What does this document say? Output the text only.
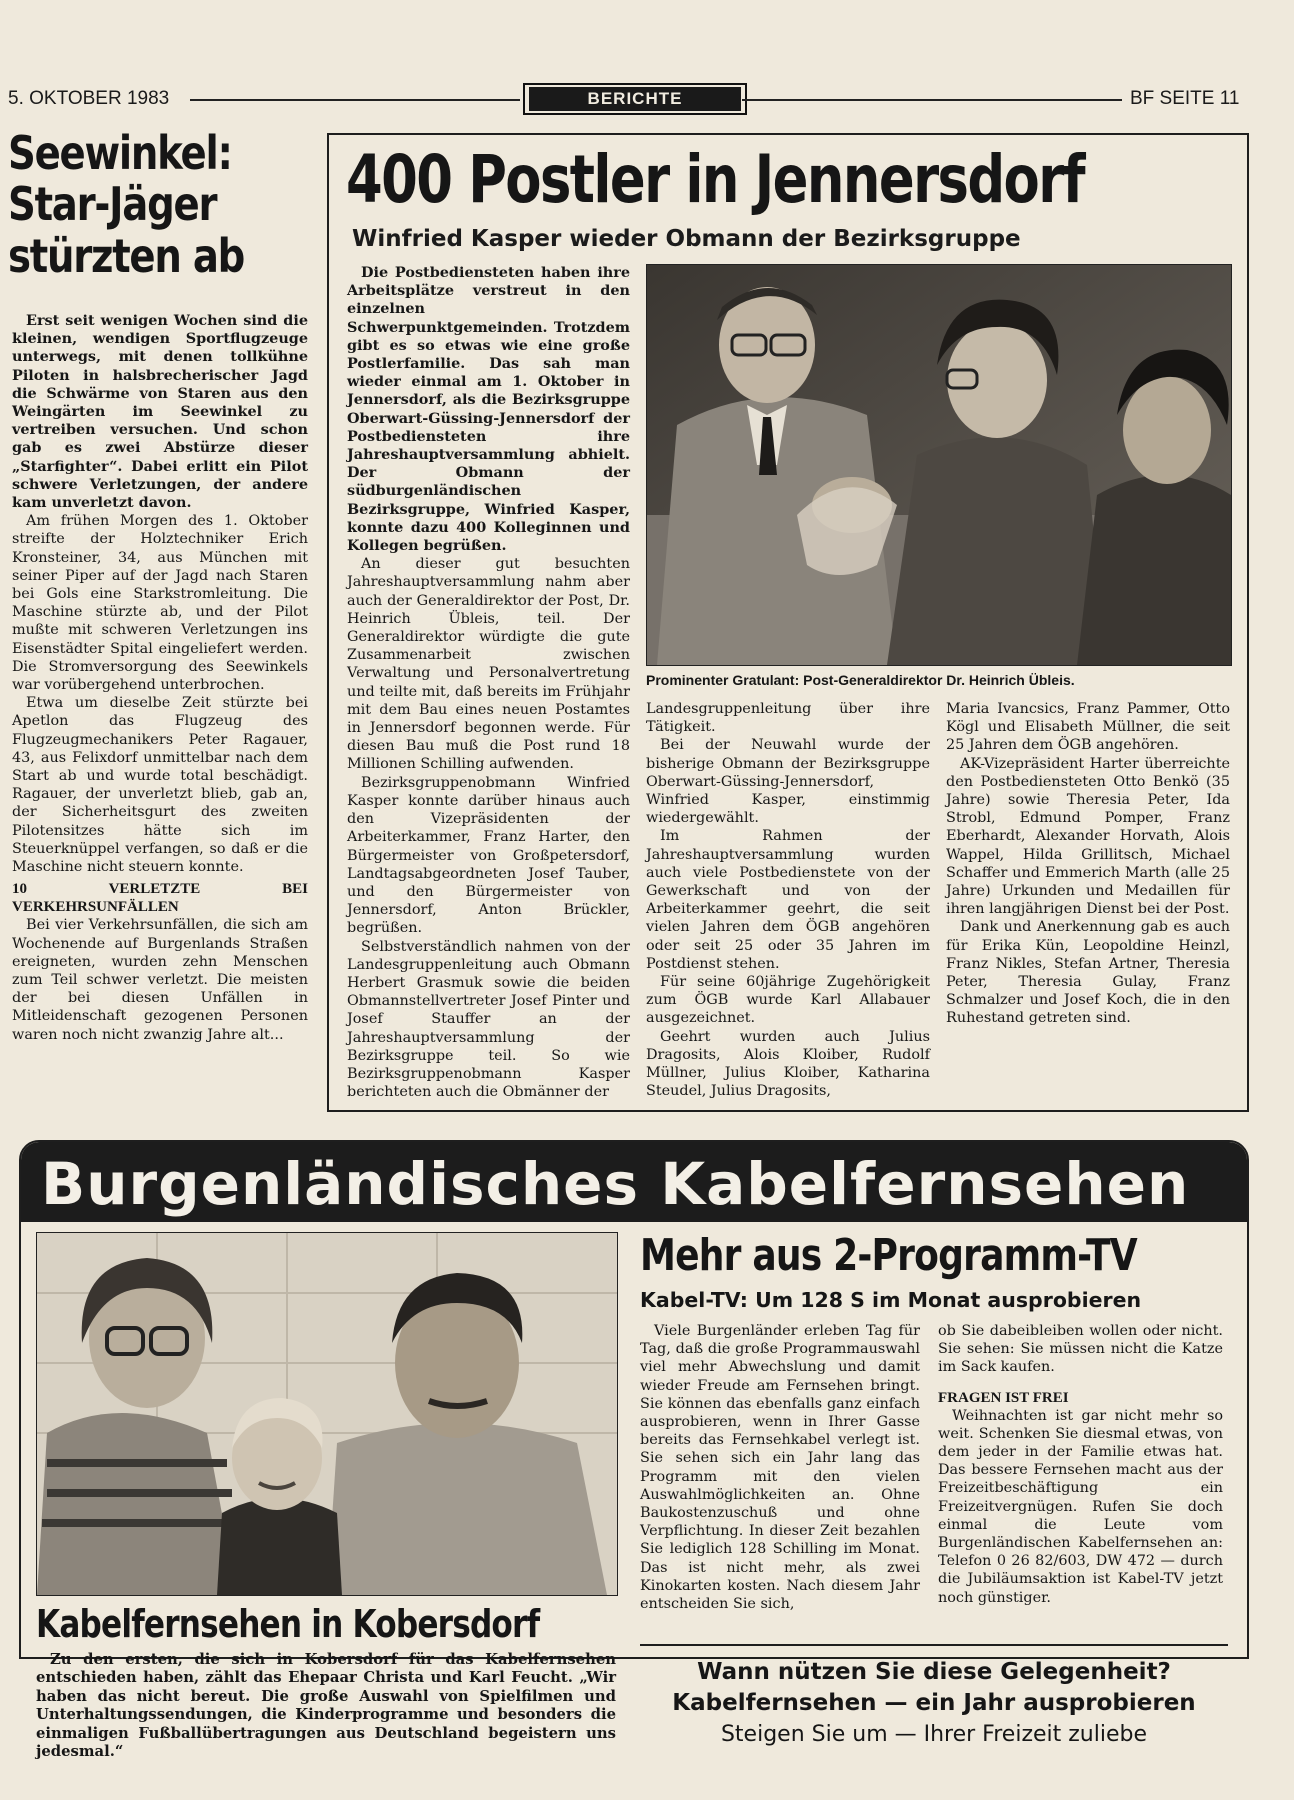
5. OKTOBER 1983	BERICHTE	BF SEITE 11
Seewinkel:
Star-Jäger
stürzten ab

Erst seit wenigen Wochen sind die kleinen, wendigen Sportflugzeuge unterwegs, mit denen tollkühne Piloten in halsbrecherischer Jagd die Schwärme von Staren aus den Weingärten im Seewinkel zu vertreiben versuchen. Und schon gab es zwei Abstürze dieser „Starfighter“. Dabei erlitt ein Pilot schwere Verletzungen, der andere kam unverletzt davon.

Am frühen Morgen des 1. Oktober streifte der Holztechniker Erich Kronsteiner, 34, aus München mit seiner Piper auf der Jagd nach Staren bei Gols eine Starkstromleitung. Die Maschine stürzte ab, und der Pilot mußte mit schweren Verletzungen ins Eisenstädter Spital eingeliefert werden. Die Stromversorgung des Seewinkels war vorübergehend unterbrochen.

Etwa um dieselbe Zeit stürzte bei Apetlon das Flugzeug des Flugzeugmechanikers Peter Ragauer, 43, aus Felixdorf unmittelbar nach dem Start ab und wurde total beschädigt. Ragauer, der unverletzt blieb, gab an, der Sicherheitsgurt des zweiten Pilotensitzes hätte sich im Steuerknüppel verfangen, so daß er die Maschine nicht steuern konnte.

10 VERLETZTE BEI VERKEHRSUNFÄLLEN

Bei vier Verkehrsunfällen, die sich am Wochenende auf Burgenlands Straßen ereigneten, wurden zehn Menschen zum Teil schwer verletzt. Die meisten der bei diesen Unfällen in Mitleidenschaft gezogenen Personen waren noch nicht zwanzig Jahre alt...

400 Postler in Jennersdorf
Winfried Kasper wieder Obmann der Bezirksgruppe

Die Postbediensteten haben ihre Arbeitsplätze verstreut in den einzelnen Schwerpunktgemeinden. Trotzdem gibt es so etwas wie eine große Postlerfamilie. Das sah man wieder einmal am 1. Oktober in Jennersdorf, als die Bezirksgruppe Oberwart-Güssing-Jennersdorf der Postbediensteten ihre Jahreshauptversammlung abhielt. Der Obmann der südburgenländischen Bezirksgruppe, Winfried Kasper, konnte dazu 400 Kolleginnen und Kollegen begrüßen.

An dieser gut besuchten Jahreshauptversammlung nahm aber auch der Generaldirektor der Post, Dr. Heinrich Übleis, teil. Der Generaldirektor würdigte die gute Zusammenarbeit zwischen Verwaltung und Personalvertretung und teilte mit, daß bereits im Frühjahr mit dem Bau eines neuen Postamtes in Jennersdorf begonnen werde. Für diesen Bau muß die Post rund 18 Millionen Schilling aufwenden.

Bezirksgruppenobmann Winfried Kasper konnte darüber hinaus auch den Vizepräsidenten der Arbeiterkammer, Franz Harter, den Bürgermeister von Großpetersdorf, Landtagsabgeordneten Josef Tauber, und den Bürgermeister von Jennersdorf, Anton Brückler, begrüßen.

Selbstverständlich nahmen von der Landesgruppenleitung auch Obmann Herbert Grasmuk sowie die beiden Obmannstellvertreter Josef Pinter und Josef Stauffer an der Jahreshauptversammlung der Bezirksgruppe teil. So wie Bezirksgruppenobmann Kasper berichteten auch die Obmänner der

Prominenter Gratulant: Post-Generaldirektor Dr. Heinrich Übleis.

Landesgruppenleitung über ihre Tätigkeit.

Bei der Neuwahl wurde der bisherige Obmann der Bezirksgruppe Oberwart-Güssing-Jennersdorf, Winfried Kasper, einstimmig wiedergewählt.

Im Rahmen der Jahreshauptversammlung wurden auch viele Postbedienstete von der Gewerkschaft und von der Arbeiterkammer geehrt, die seit vielen Jahren dem ÖGB angehören oder seit 25 oder 35 Jahren im Postdienst stehen.

Für seine 60jährige Zugehörigkeit zum ÖGB wurde Karl Allabauer ausgezeichnet.

Geehrt wurden auch Julius Dragosits, Alois Kloiber, Rudolf Müllner, Julius Kloiber, Katharina Steudel, Julius Dragosits,

Maria Ivancsics, Franz Pammer, Otto Kögl und Elisabeth Müllner, die seit 25 Jahren dem ÖGB angehören.

AK-Vizepräsident Harter überreichte den Postbediensteten Otto Benkö (35 Jahre) sowie Theresia Peter, Ida Strobl, Edmund Pomper, Franz Eberhardt, Alexander Horvath, Alois Wappel, Hilda Grillitsch, Michael Schaffer und Emmerich Marth (alle 25 Jahre) Urkunden und Medaillen für ihren langjährigen Dienst bei der Post.

Dank und Anerkennung gab es auch für Erika Kün, Leopoldine Heinzl, Franz Nikles, Stefan Artner, Theresia Peter, Theresia Gulay, Franz Schmalzer und Josef Koch, die in den Ruhestand getreten sind.

Burgenländisches Kabelfernsehen
Kabelfernsehen in Kobersdorf

Zu den ersten, die sich in Kobersdorf für das Kabelfernsehen entschieden haben, zählt das Ehepaar Christa und Karl Feucht. „Wir haben das nicht bereut. Die große Auswahl von Spielfilmen und Unterhaltungssendungen, die Kinderprogramme und besonders die einmaligen Fußballübertragungen aus Deutschland begeistern uns jedesmal.“

Mehr aus 2-Programm-TV
Kabel-TV: Um 128 S im Monat ausprobieren

Viele Burgenländer erleben Tag für Tag, daß die große Programmauswahl viel mehr Abwechslung und damit wieder Freude am Fernsehen bringt. Sie können das ebenfalls ganz einfach ausprobieren, wenn in Ihrer Gasse bereits das Fernsehkabel verlegt ist. Sie sehen sich ein Jahr lang das Programm mit den vielen Auswahlmöglichkeiten an. Ohne Baukostenzuschuß und ohne Verpflichtung. In dieser Zeit bezahlen Sie lediglich 128 Schilling im Monat. Das ist nicht mehr, als zwei Kinokarten kosten. Nach diesem Jahr entscheiden Sie sich,

ob Sie dabeibleiben wollen oder nicht. Sie sehen: Sie müssen nicht die Katze im Sack kaufen.

FRAGEN IST FREI

Weihnachten ist gar nicht mehr so weit. Schenken Sie diesmal etwas, von dem jeder in der Familie etwas hat. Das bessere Fernsehen macht aus der Freizeitbeschäftigung ein Freizeitvergnügen. Rufen Sie doch einmal die Leute vom Burgenländischen Kabelfernsehen an: Telefon 0 26 82/603, DW 472 — durch die Jubiläumsaktion ist Kabel-TV jetzt noch günstiger.

Wann nützen Sie diese Gelegenheit?
Kabelfernsehen — ein Jahr ausprobieren
Steigen Sie um — Ihrer Freizeit zuliebe
